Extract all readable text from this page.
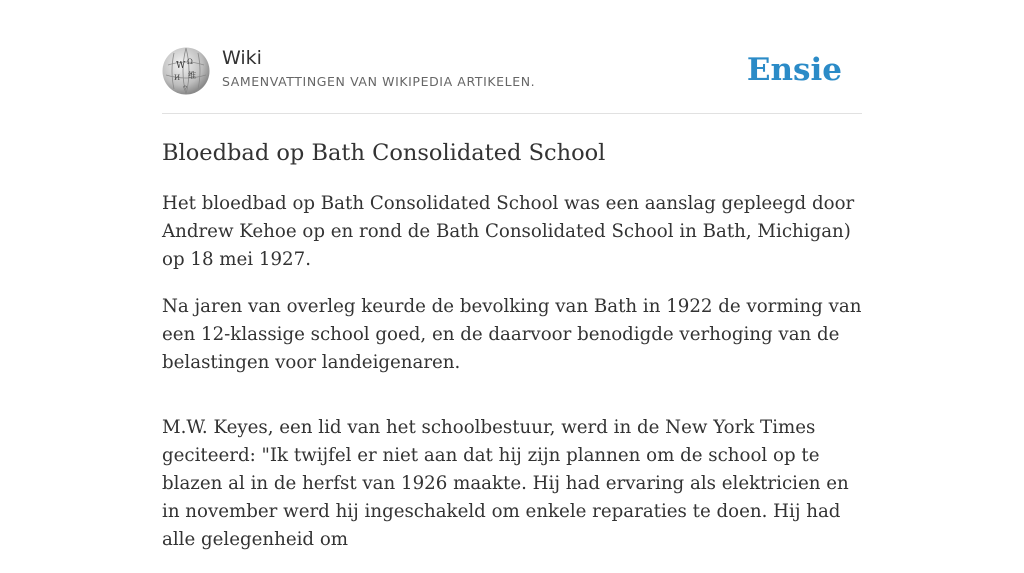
W Ω
И 维
ウ
Wiki
SAMENVATTINGEN VAN WIKIPEDIA ARTIKELEN.	Ensie
Bloedbad op Bath Consolidated School

Het bloedbad op Bath Consolidated School was een aanslag gepleegd door Andrew Kehoe op en rond de Bath Consolidated School in Bath, Michigan) op 18 mei 1927.

Na jaren van overleg keurde de bevolking van Bath in 1922 de vorming van een 12-klassige school goed, en de daarvoor benodigde verhoging van de belastingen voor landeigenaren.

M.W. Keyes, een lid van het schoolbestuur, werd in de New York Times geciteerd: "Ik twijfel er niet aan dat hij zijn plannen om de school op te blazen al in de herfst van 1926 maakte. Hij had ervaring als elektricien en in november werd hij ingeschakeld om enkele reparaties te doen. Hij had alle gelegenheid om
